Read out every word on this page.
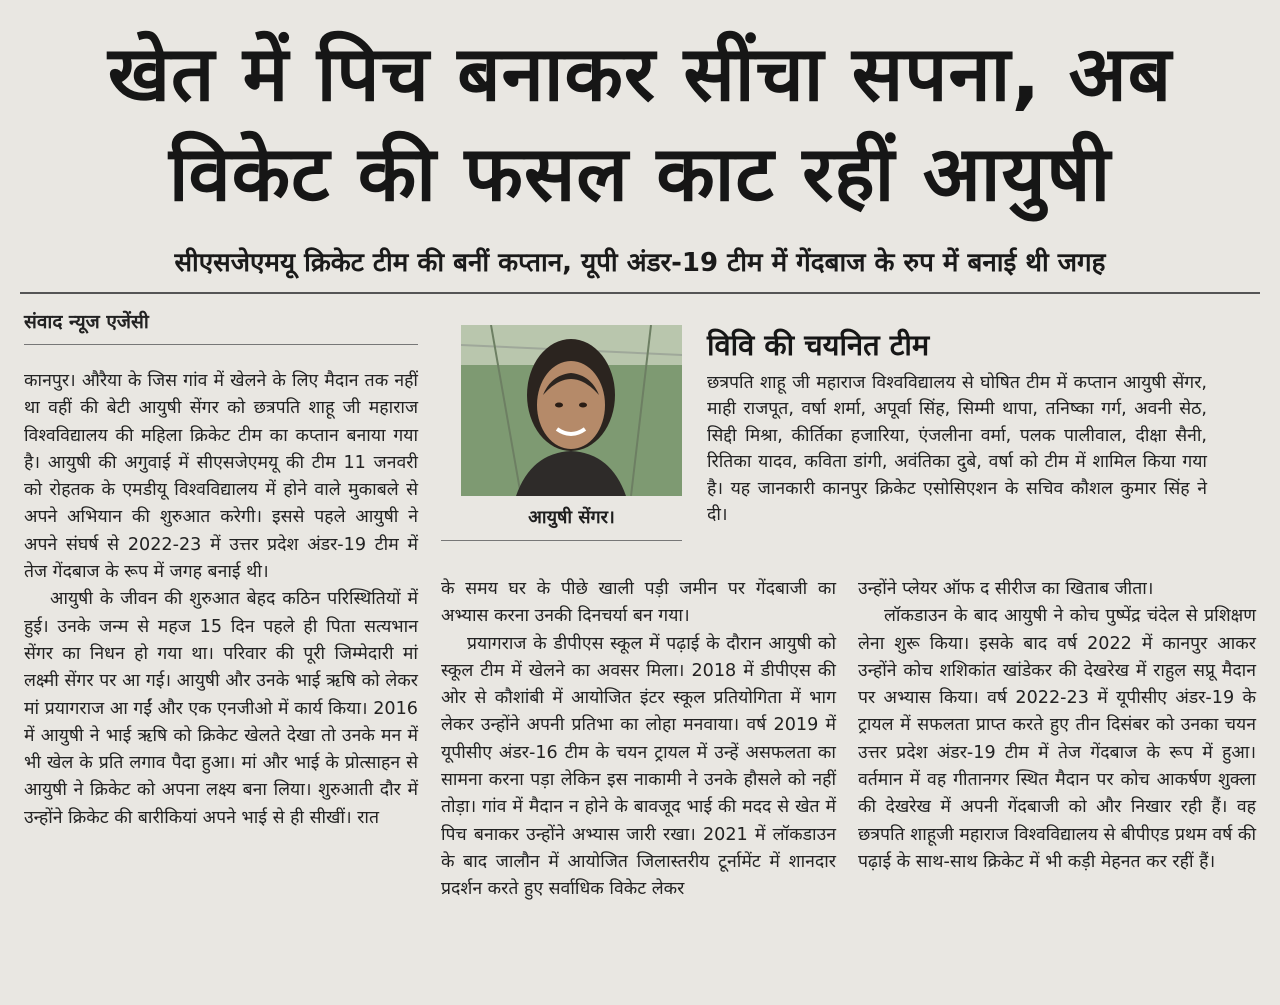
खेत में पिच बनाकर सींचा सपना, अब
विकेट की फसल काट रहीं आयुषी
सीएसजेएमयू क्रिकेट टीम की बनीं कप्तान, यूपी अंडर-19 टीम में गेंदबाज के रुप में बनाई थी जगह
संवाद न्यूज एजेंसी

कानपुर। औरैया के जिस गांव में खेलने के लिए मैदान तक नहीं था वहीं की बेटी आयुषी सेंगर को छत्रपति शाहू जी महाराज विश्वविद्यालय की महिला क्रिकेट टीम का कप्तान बनाया गया है। आयुषी की अगुवाई में सीएसजेएमयू की टीम 11 जनवरी को रोहतक के एमडीयू विश्वविद्यालय में होने वाले मुकाबले से अपने अभियान की शुरुआत करेगी। इससे पहले आयुषी ने अपने संघर्ष से 2022-23 में उत्तर प्रदेश अंडर-19 टीम में तेज गेंदबाज के रूप में जगह बनाई थी।

आयुषी के जीवन की शुरुआत बेहद कठिन परिस्थितियों में हुई। उनके जन्म से महज 15 दिन पहले ही पिता सत्यभान सेंगर का निधन हो गया था। परिवार की पूरी जिम्मेदारी मां लक्ष्मी सेंगर पर आ गई। आयुषी और उनके भाई ऋषि को लेकर मां प्रयागराज आ गईं और एक एनजीओ में कार्य किया। 2016 में आयुषी ने भाई ऋषि को क्रिकेट खेलते देखा तो उनके मन में भी खेल के प्रति लगाव पैदा हुआ। मां और भाई के प्रोत्साहन से आयुषी ने क्रिकेट को अपना लक्ष्य बना लिया। शुरुआती दौर में उन्होंने क्रिकेट की बारीकियां अपने भाई से ही सीखीं। रात

आयुषी सेंगर।
विवि की चयनित टीम
छत्रपति शाहू जी महाराज विश्वविद्यालय से घोषित टीम में कप्तान आयुषी सेंगर, माही राजपूत, वर्षा शर्मा, अपूर्वा सिंह, सिम्मी थापा, तनिष्का गर्ग, अवनी सेठ, सिद्दी मिश्रा, कीर्तिका हजारिया, एंजलीना वर्मा, पलक पालीवाल, दीक्षा सैनी, रितिका यादव, कविता डांगी, अवंतिका दुबे, वर्षा को टीम में शामिल किया गया है। यह जानकारी कानपुर क्रिकेट एसोसिएशन के सचिव कौशल कुमार सिंह ने दी।

के समय घर के पीछे खाली पड़ी जमीन पर गेंदबाजी का अभ्यास करना उनकी दिनचर्या बन गया।

प्रयागराज के डीपीएस स्कूल में पढ़ाई के दौरान आयुषी को स्कूल टीम में खेलने का अवसर मिला। 2018 में डीपीएस की ओर से कौशांबी में आयोजित इंटर स्कूल प्रतियोगिता में भाग लेकर उन्होंने अपनी प्रतिभा का लोहा मनवाया। वर्ष 2019 में यूपीसीए अंडर-16 टीम के चयन ट्रायल में उन्हें असफलता का सामना करना पड़ा लेकिन इस नाकामी ने उनके हौसले को नहीं तोड़ा। गांव में मैदान न होने के बावजूद भाई की मदद से खेत में पिच बनाकर उन्होंने अभ्यास जारी रखा। 2021 में लॉकडाउन के बाद जालौन में आयोजित जिलास्तरीय टूर्नामेंट में शानदार प्रदर्शन करते हुए सर्वाधिक विकेट लेकर

उन्होंने प्लेयर ऑफ द सीरीज का खिताब जीता।

लॉकडाउन के बाद आयुषी ने कोच पुष्पेंद्र चंदेल से प्रशिक्षण लेना शुरू किया। इसके बाद वर्ष 2022 में कानपुर आकर उन्होंने कोच शशिकांत खांडेकर की देखरेख में राहुल सप्रू मैदान पर अभ्यास किया। वर्ष 2022-23 में यूपीसीए अंडर-19 के ट्रायल में सफलता प्राप्त करते हुए तीन दिसंबर को उनका चयन उत्तर प्रदेश अंडर-19 टीम में तेज गेंदबाज के रूप में हुआ। वर्तमान में वह गीतानगर स्थित मैदान पर कोच आकर्षण शुक्ला की देखरेख में अपनी गेंदबाजी को और निखार रही हैं। वह छत्रपति शाहूजी महाराज विश्वविद्यालय से बीपीएड प्रथम वर्ष की पढ़ाई के साथ-साथ क्रिकेट में भी कड़ी मेहनत कर रहीं हैं।
